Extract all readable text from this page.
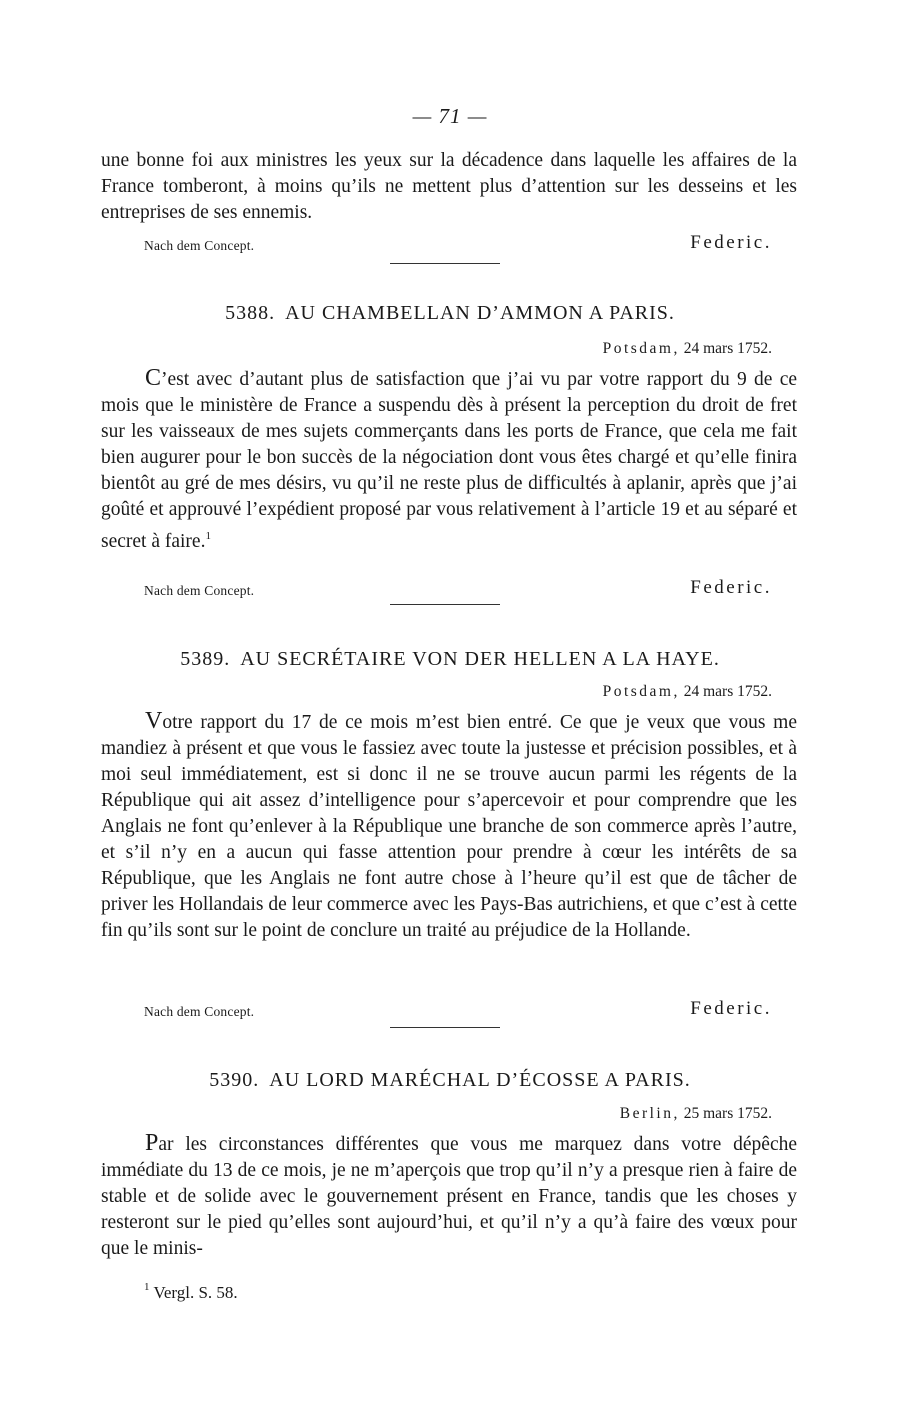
— 71 —

une bonne foi aux ministres les yeux sur la décadence dans laquelle les affaires de la France tomberont, à moins qu’ils ne mettent plus d’attention sur les desseins et les entreprises de ses ennemis.

Nach dem Concept.	Federic.
5388. AU CHAMBELLAN D’AMMON A PARIS.
Potsdam, 24 mars 1752.

C’est avec d’autant plus de satisfaction que j’ai vu par votre rapport du 9 de ce mois que le ministère de France a suspendu dès à présent la perception du droit de fret sur les vaisseaux de mes sujets commerçants dans les ports de France, que cela me fait bien augurer pour le bon succès de la négociation dont vous êtes chargé et qu’elle finira bientôt au gré de mes désirs, vu qu’il ne reste plus de difficultés à aplanir, après que j’ai goûté et approuvé l’expédient proposé par vous relativement à l’article 19 et au séparé et secret à faire.$^1$

Nach dem Concept.	Federic.
5389. AU SECRÉTAIRE VON DER HELLEN A LA HAYE.
Potsdam, 24 mars 1752.

Votre rapport du 17 de ce mois m’est bien entré. Ce que je veux que vous me mandiez à présent et que vous le fassiez avec toute la justesse et précision possibles, et à moi seul immédiatement, est si donc il ne se trouve aucun parmi les régents de la République qui ait assez d’intelligence pour s’apercevoir et pour comprendre que les Anglais ne font qu’enlever à la République une branche de son commerce après l’autre, et s’il n’y en a aucun qui fasse attention pour prendre à cœur les intérêts de sa République, que les Anglais ne font autre chose à l’heure qu’il est que de tâcher de priver les Hollandais de leur commerce avec les Pays-Bas autrichiens, et que c’est à cette fin qu’ils sont sur le point de conclure un traité au préjudice de la Hollande.

Nach dem Concept.	Federic.
5390. AU LORD MARÉCHAL D’ÉCOSSE A PARIS.
Berlin, 25 mars 1752.

Par les circonstances différentes que vous me marquez dans votre dépêche immédiate du 13 de ce mois, je ne m’aperçois que trop qu’il n’y a presque rien à faire de stable et de solide avec le gouvernement présent en France, tandis que les choses y resteront sur le pied qu’elles sont aujourd’hui, et qu’il n’y a qu’à faire des vœux pour que le minis-

$^1$ Vergl. S. 58.
